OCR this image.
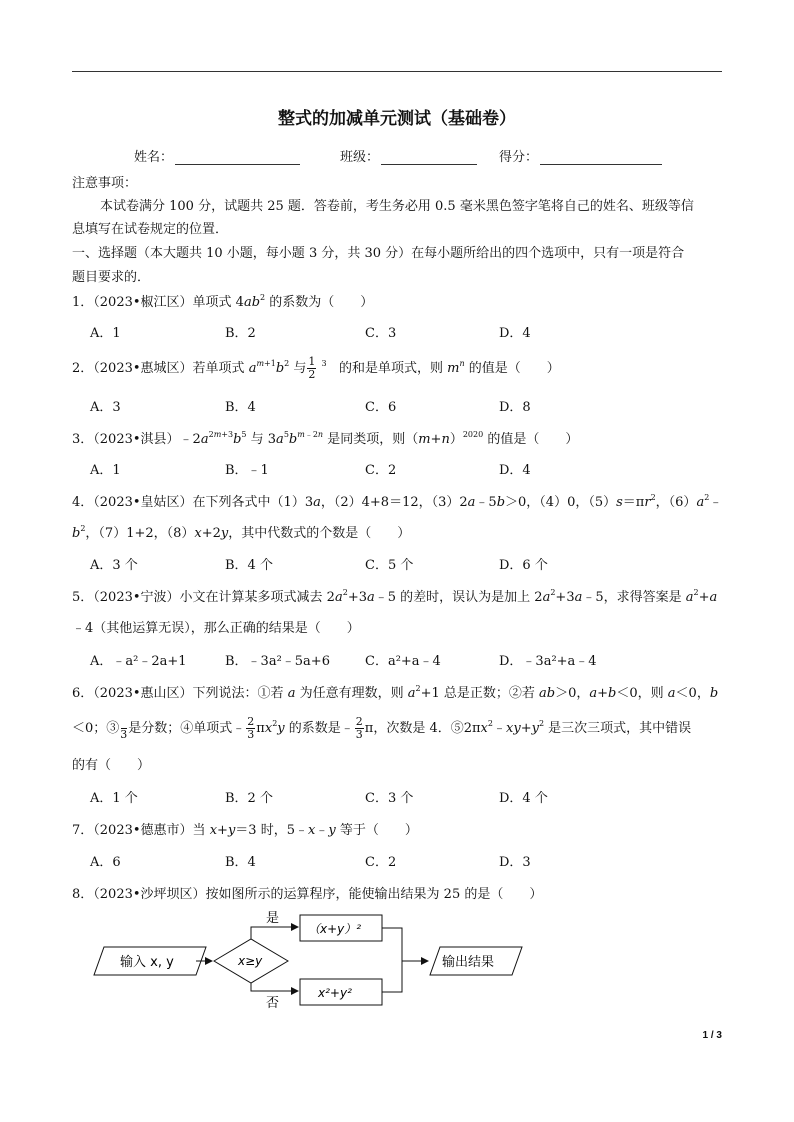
整式的加减单元测试（基础卷）
姓名：	班级：	得分：
注意事项：
本试卷满分 100 分，试题共 25 题．答卷前，考生务必用 0.5 毫米黑色签字笔将自己的姓名、班级等信
息填写在试卷规定的位置．
一、选择题（本大题共 10 小题，每小题 3 分，共 30 分）在每小题所给出的四个选项中，只有一项是符合
题目要求的．
1．（2023•椒江区）单项式 $4ab^2$ 的系数为（　　）
A．1	B．2	C．3	D．4
2．（2023•惠城区）若单项式 $a^{m+1}b^2$ 与 $\frac{1}{2} ^3$   的和是单项式，则 $m^n$ 的值是（　　）
A．3	B．4	C．6	D．8
3．（2023•淇县）$﹣2a^{2m+3}b^5$ 与 $3a^5b^{m﹣2n}$ 是同类项，则$(m+n)^{2020}$ 的值是（　　）
A．1	B．﹣1	C．2	D．4
4．（2023•皇姑区）在下列各式中（1）3a，（2）4+8＝12，（3）2a﹣5b＞0，（4）0，$(5)s=\pi r^2$，$(6)a^2﹣$
$b^2$，（7）1+2，（8）x+2y，其中代数式的个数是（　　）
A．3 个	B．4 个	C．5 个	D．6 个
5．（2023•宁波）小文在计算某多项式减去 $2a^2+3a﹣5$ 的差时，误认为是加上 $2a^2+3a﹣5$，求得答案是 $a^2+a$
﹣4（其他运算无误），那么正确的结果是（　　）
A．﹣a²﹣2a+1	B．﹣3a²﹣5a+6	C．a²+a﹣4	D．﹣3a²+a﹣4
6．（2023•惠山区）下列说法：①若 a 为任意有理数，则 $a^2+1$ 总是正数；②若 ab＞0，a+b＜0，则 a＜0，b
＜0；③
3 是分数；④单项式﹣ $\frac{2}{3} \pi x^2y$ 的系数是﹣ $\frac{2}{3}$ π，次数是 4．$⑤2\pi x^2﹣xy+y^2$ 是三次三项式，其中错误
的有（　　）
A．1 个	B．2 个	C．3 个	D．4 个
7．（2023•德惠市）当 x+y＝3 时，5﹣x﹣y 等于（　　）
A．6	B．4	C．2	D．3
8．（2023•沙坪坝区）按如图所示的运算程序，能使输出结果为 25 的是（　　）
输入 x, y	x≥y
是
否
（x+y）²
x²+y²
输出结果
1 / 3
